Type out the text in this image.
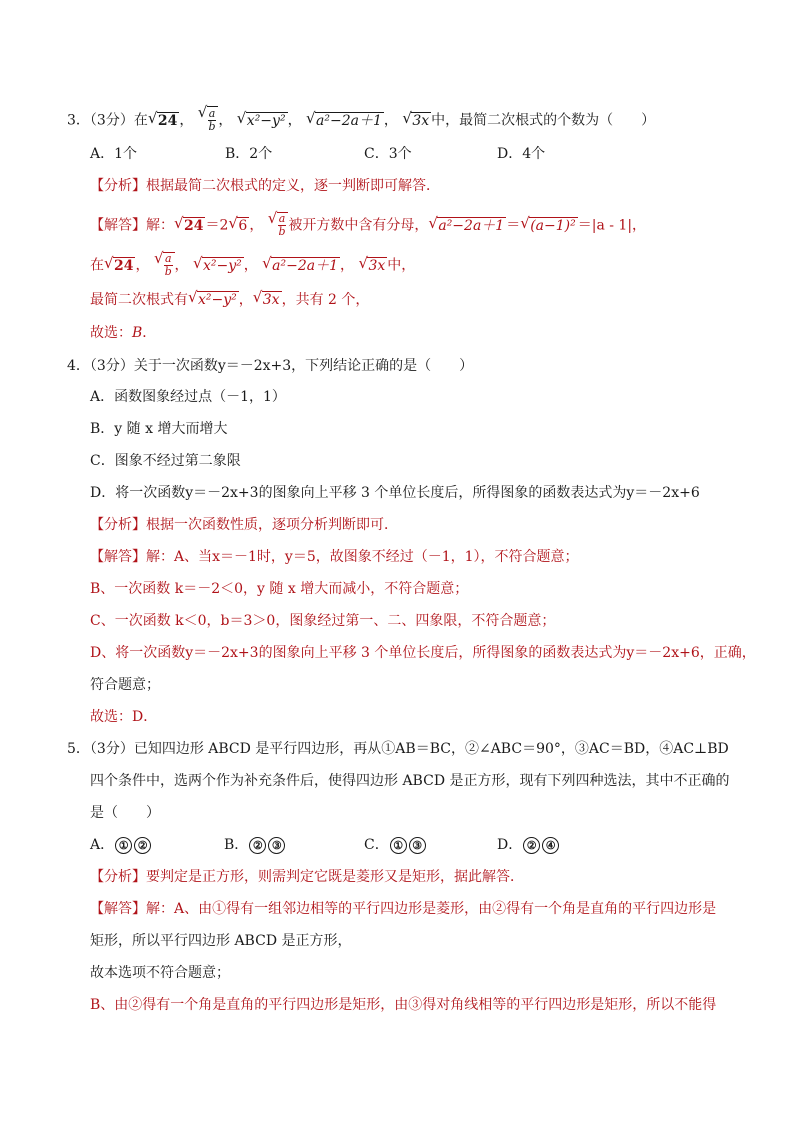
3．（3分）在 √ 24 ， √ $\frac{a}{b}$ ， √ x²−y² ， √ a²−2a＋1 ， √ 3x 中，最简二次根式的个数为（　　）
A．1个	B．2个	C．3个	D．4个
【分析】根据最简二次根式的定义，逐一判断即可解答．
【解答】解： √ 24 ＝2 √ 6 ， √ $\frac{a}{b}$ 被开方数中含有分母， √ a²−2a＋1 ＝ √ (a−1)² ＝|a - 1|，
在 √ 24 ， √ $\frac{a}{b}$ ， √ x²−y² ， √ a²−2a＋1 ， √ 3x 中，
最简二次根式有 √ x²−y² ， √ 3x ，共有 2 个，
故选：B．
4．（3分）关于一次函数y＝－2x+3，下列结论正确的是（　　）
A．函数图象经过点（－1，1）
B．y 随 x 增大而增大
C．图象不经过第二象限
D．将一次函数y＝－2x+3的图象向上平移 3 个单位长度后，所得图象的函数表达式为y＝－2x+6
【分析】根据一次函数性质，逐项分析判断即可．
【解答】解：A、当x＝－1时，y＝5，故图象不经过（－1，1），不符合题意；
B、一次函数 k＝－2＜0，y 随 x 增大而减小，不符合题意；
C、一次函数 k＜0，b＝3＞0，图象经过第一、二、四象限，不符合题意；
D、将一次函数y＝－2x+3的图象向上平移 3 个单位长度后，所得图象的函数表达式为y＝－2x+6，正确，
符合题意；
故选：D．
5．（3分）已知四边形 ABCD 是平行四边形，再从①AB＝BC，②∠ABC＝90°，③AC＝BD，④AC⊥BD
四个条件中，选两个作为补充条件后，使得四边形 ABCD 是正方形，现有下列四种选法，其中不正确的
是（　　）
A． ① ②	B． ② ③	C． ① ③	D． ② ④
【分析】要判定是正方形，则需判定它既是菱形又是矩形，据此解答．
【解答】解：A、由①得有一组邻边相等的平行四边形是菱形，由②得有一个角是直角的平行四边形是
矩形，所以平行四边形 ABCD 是正方形，
故本选项不符合题意；
B、由②得有一个角是直角的平行四边形是矩形，由③得对角线相等的平行四边形是矩形，所以不能得
